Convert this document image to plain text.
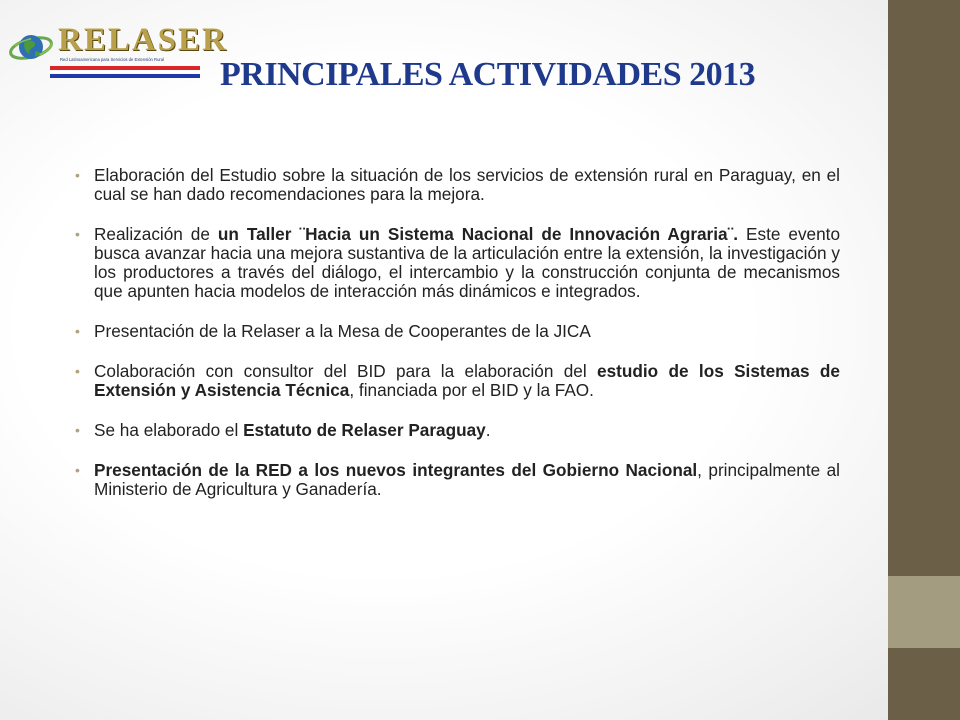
RELASER
Red Latinoamericana para Servicios de Extensión Rural	PRINCIPALES ACTIVIDADES 2013
• Elaboración del Estudio sobre la situación de los servicios de extensión rural en Paraguay, en el cual se han dado recomendaciones para la mejora.
• Realización de un Taller ¨Hacia un Sistema Nacional de Innovación Agraria¨. Este evento busca avanzar hacia una mejora sustantiva de la articulación entre la extensión, la investigación y los productores a través del diálogo, el intercambio y la construcción conjunta de mecanismos que apunten hacia modelos de interacción más dinámicos e integrados.
• Presentación de la Relaser a la Mesa de Cooperantes de la JICA
• Colaboración con consultor del BID para la elaboración del estudio de los Sistemas de Extensión y Asistencia Técnica, financiada por el BID y la FAO.
• Se ha elaborado el Estatuto de Relaser Paraguay.
• Presentación de la RED a los nuevos integrantes del Gobierno Nacional, principalmente al Ministerio de Agricultura y Ganadería.
